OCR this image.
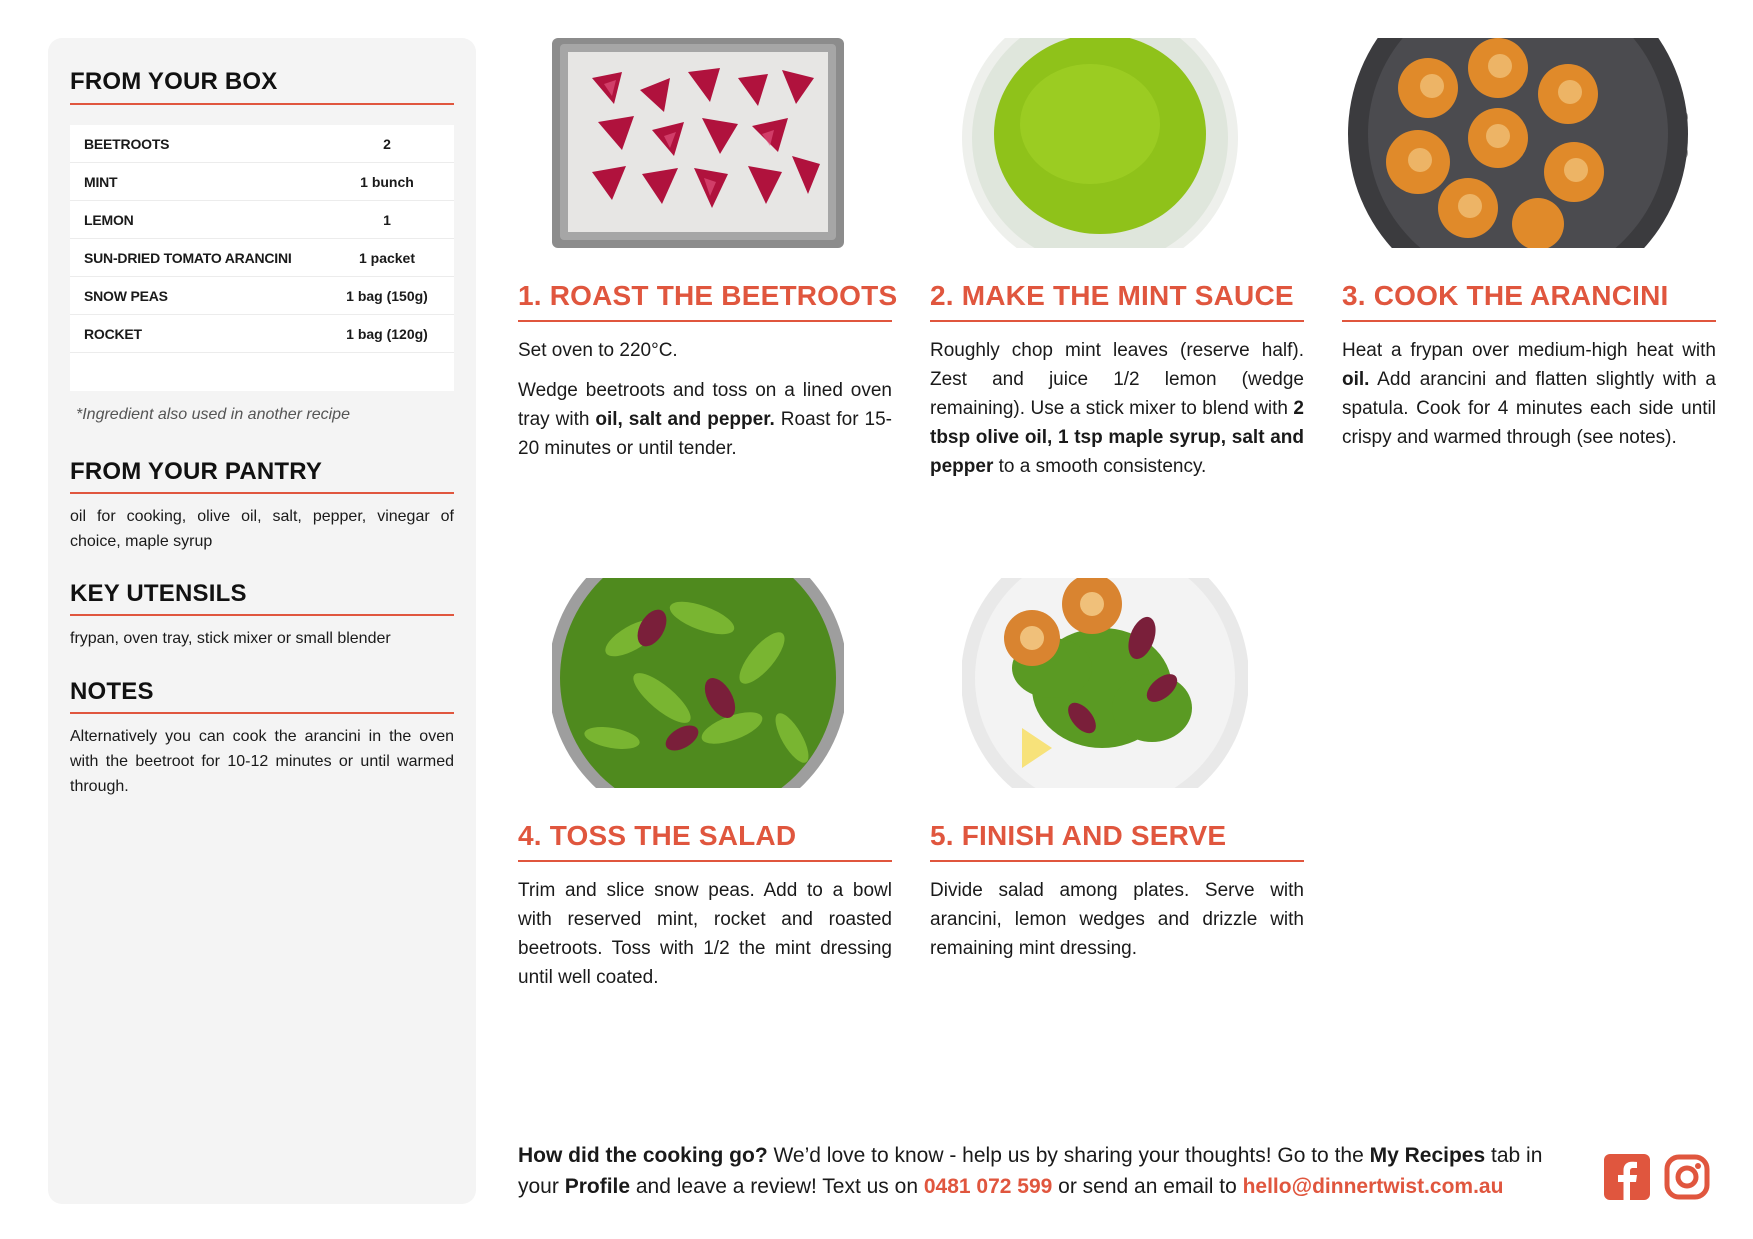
FROM YOUR BOX
BEETROOTS	2
MINT	1 bunch
LEMON	1
SUN-DRIED TOMATO ARANCINI	1 packet
SNOW PEAS	1 bag (150g)
ROCKET	1 bag (120g)
*Ingredient also used in another recipe
FROM YOUR PANTRY
oil for cooking, olive oil, salt, pepper, vinegar of choice, maple syrup
KEY UTENSILS
frypan, oven tray, stick mixer or small blender
NOTES
Alternatively you can cook the arancini in the oven with the beetroot for 10-12 minutes or until warmed through.
1. ROAST THE BEETROOTS

Set oven to 220°C.

Wedge beetroots and toss on a lined oven tray with oil, salt and pepper. Roast for 15-20 minutes or until tender.

2. MAKE THE MINT SAUCE

Roughly chop mint leaves (reserve half). Zest and juice 1/2 lemon (wedge remaining). Use a stick mixer to blend with 2 tbsp olive oil, 1 tsp maple syrup, salt and pepper to a smooth consistency.

3. COOK THE ARANCINI

Heat a frypan over medium-high heat with oil. Add arancini and flatten slightly with a spatula. Cook for 4 minutes each side until crispy and warmed through (see notes).

4. TOSS THE SALAD

Trim and slice snow peas. Add to a bowl with reserved mint, rocket and roasted beetroots. Toss with 1/2 the mint dressing until well coated.

5. FINISH AND SERVE

Divide salad among plates. Serve with arancini, lemon wedges and drizzle with remaining mint dressing.

How did the cooking go? We’d love to know - help us by sharing your thoughts! Go to the My Recipes tab in your Profile and leave a review! Text us on 0481 072 599 or send an email to hello@dinnertwist.com.au
